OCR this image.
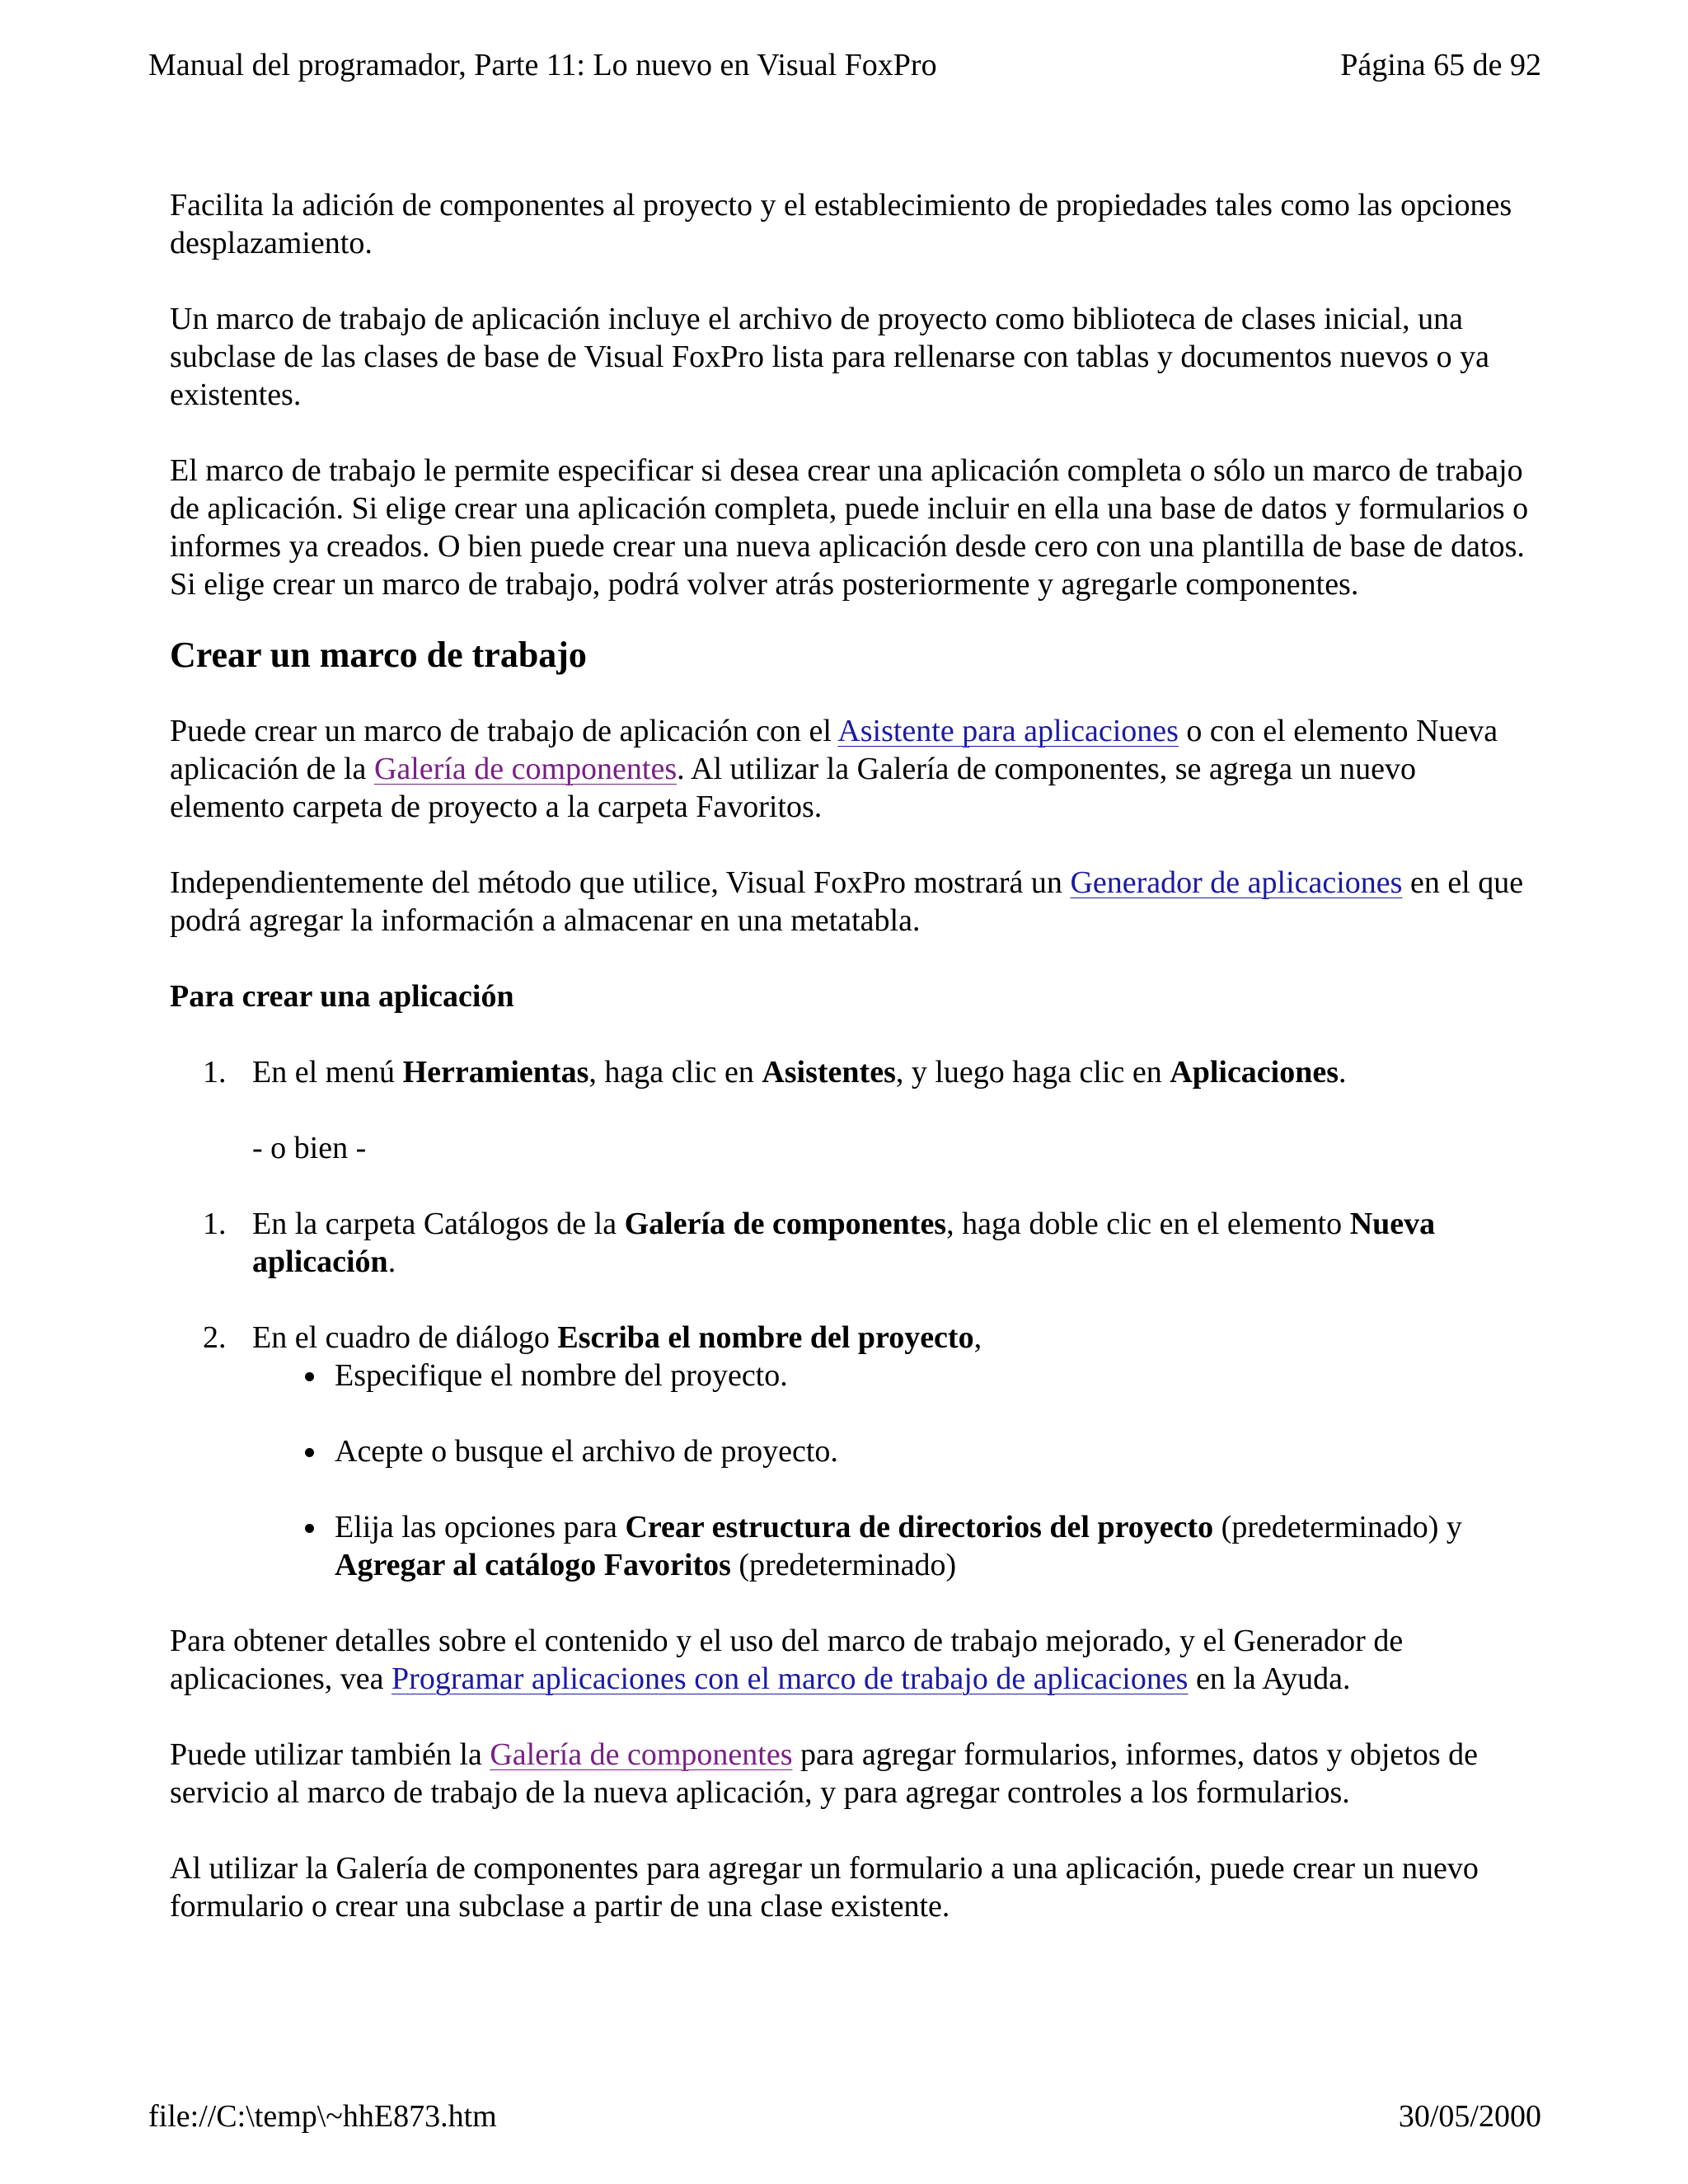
Manual del programador, Parte 11: Lo nuevo en Visual FoxPro	Página 65 de 92

Facilita la adición de componentes al proyecto y el establecimiento de propiedades tales como las opciones desplazamiento.

Un marco de trabajo de aplicación incluye el archivo de proyecto como biblioteca de clases inicial, una subclase de las clases de base de Visual FoxPro lista para rellenarse con tablas y documentos nuevos o ya existentes.

El marco de trabajo le permite especificar si desea crear una aplicación completa o sólo un marco de trabajo de aplicación. Si elige crear una aplicación completa, puede incluir en ella una base de datos y formularios o informes ya creados. O bien puede crear una nueva aplicación desde cero con una plantilla de base de datos. Si elige crear un marco de trabajo, podrá volver atrás posteriormente y agregarle componentes.

Crear un marco de trabajo

Puede crear un marco de trabajo de aplicación con el Asistente para aplicaciones o con el elemento Nueva aplicación de la Galería de componentes. Al utilizar la Galería de componentes, se agrega un nuevo elemento carpeta de proyecto a la carpeta Favoritos.

Independientemente del método que utilice, Visual FoxPro mostrará un Generador de aplicaciones en el que podrá agregar la información a almacenar en una metatabla.

Para crear una aplicación
1. En el menú Herramientas, haga clic en Asistentes, y luego haga clic en Aplicaciones.
- o bien -
1. En la carpeta Catálogos de la Galería de componentes, haga doble clic en el elemento Nueva aplicación.
2. En el cuadro de diálogo Escriba el nombre del proyecto,
Especifique el nombre del proyecto.
Acepte o busque el archivo de proyecto.
Elija las opciones para Crear estructura de directorios del proyecto (predeterminado) y Agregar al catálogo Favoritos (predeterminado)

Para obtener detalles sobre el contenido y el uso del marco de trabajo mejorado, y el Generador de aplicaciones, vea Programar aplicaciones con el marco de trabajo de aplicaciones en la Ayuda.

Puede utilizar también la Galería de componentes para agregar formularios, informes, datos y objetos de servicio al marco de trabajo de la nueva aplicación, y para agregar controles a los formularios.

Al utilizar la Galería de componentes para agregar un formulario a una aplicación, puede crear un nuevo formulario o crear una subclase a partir de una clase existente.

file://C:\temp\~hhE873.htm	30/05/2000
